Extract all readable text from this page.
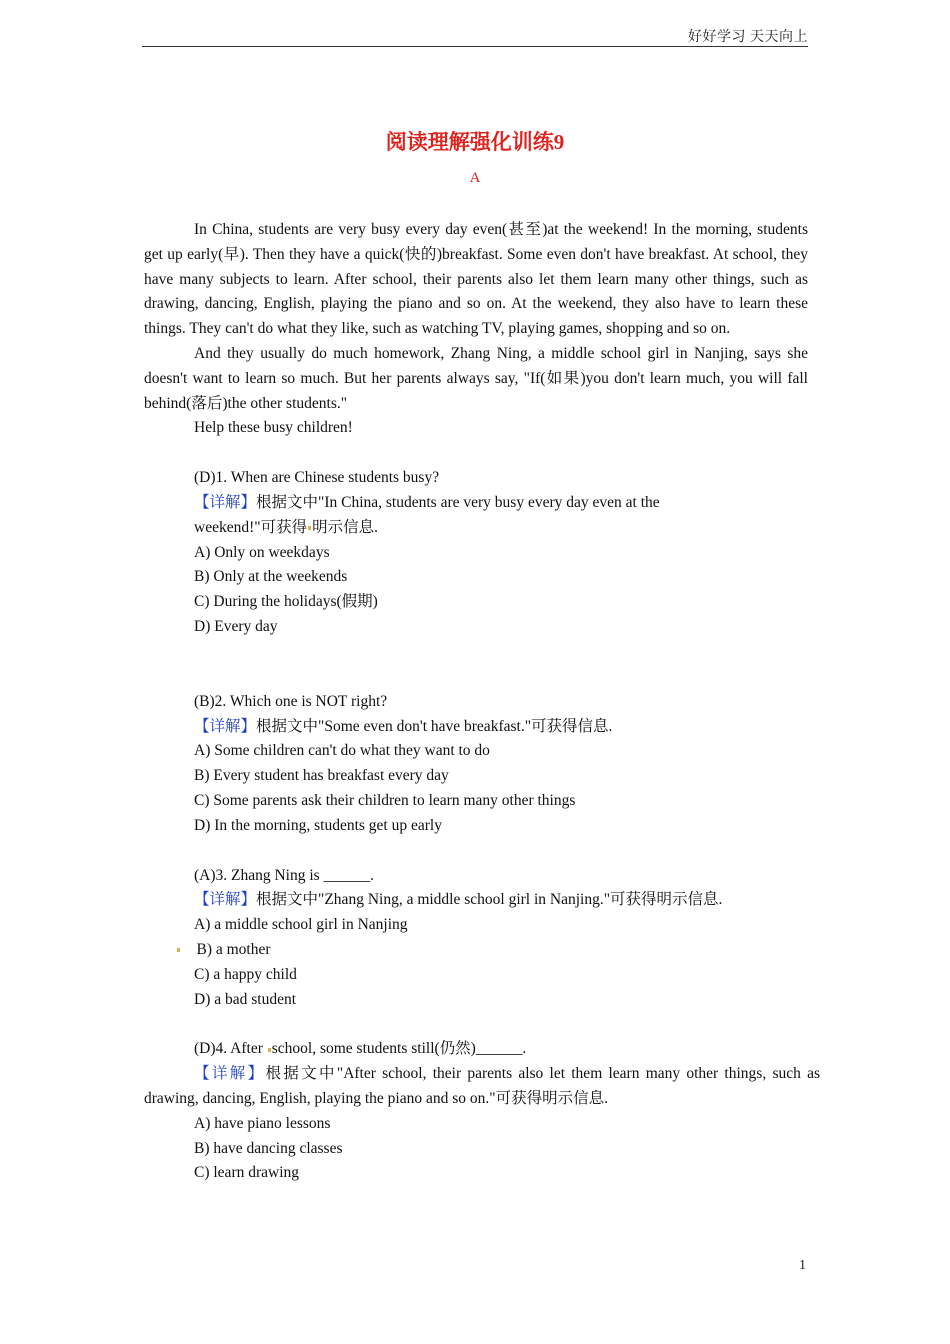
好好学习 天天向上
阅读理解强化训练9
A

In China, students are very busy every day even(甚至)at the weekend! In the morning, students get up early(早). Then they have a quick(快的)breakfast. Some even don't have breakfast. At school, they have many subjects to learn. After school, their parents also let them learn many other things, such as drawing, dancing, English, playing the piano and so on. At the weekend, they also have to learn these things. They can't do what they like, such as watching TV, playing games, shopping and so on.

And they usually do much homework, Zhang Ning, a middle school girl in Nanjing, says she doesn't want to learn so much. But her parents always say, "If(如果)you don't learn much, you will fall behind(落后)the other students."

Help these busy children!

(D)1. When are Chinese students busy?

【详解】根据文中"In China, students are very busy every day even at the

weekend!"可获得 明示信息.

A) Only on weekdays

B) Only at the weekends

C) During the holidays(假期)

D) Every day

(B)2. Which one is NOT right?

【详解】根据文中"Some even don't have breakfast."可获得信息.

A) Some children can't do what they want to do

B) Every student has breakfast every day

C) Some parents ask their children to learn many other things

D) In the morning, students get up early

(A)3. Zhang Ning is ______.

【详解】根据文中"Zhang Ning, a middle school girl in Nanjing."可获得明示信息.

A) a middle school girl in Nanjing

B) a mother

C) a happy child

D) a bad student

(D)4. After school, some students still(仍然)______.

【详解】根据文中"After school, their parents also let them learn many other things, such as drawing, dancing, English, playing the piano and so on."可获得明示信息.

A) have piano lessons

B) have dancing classes

C) learn drawing

1
